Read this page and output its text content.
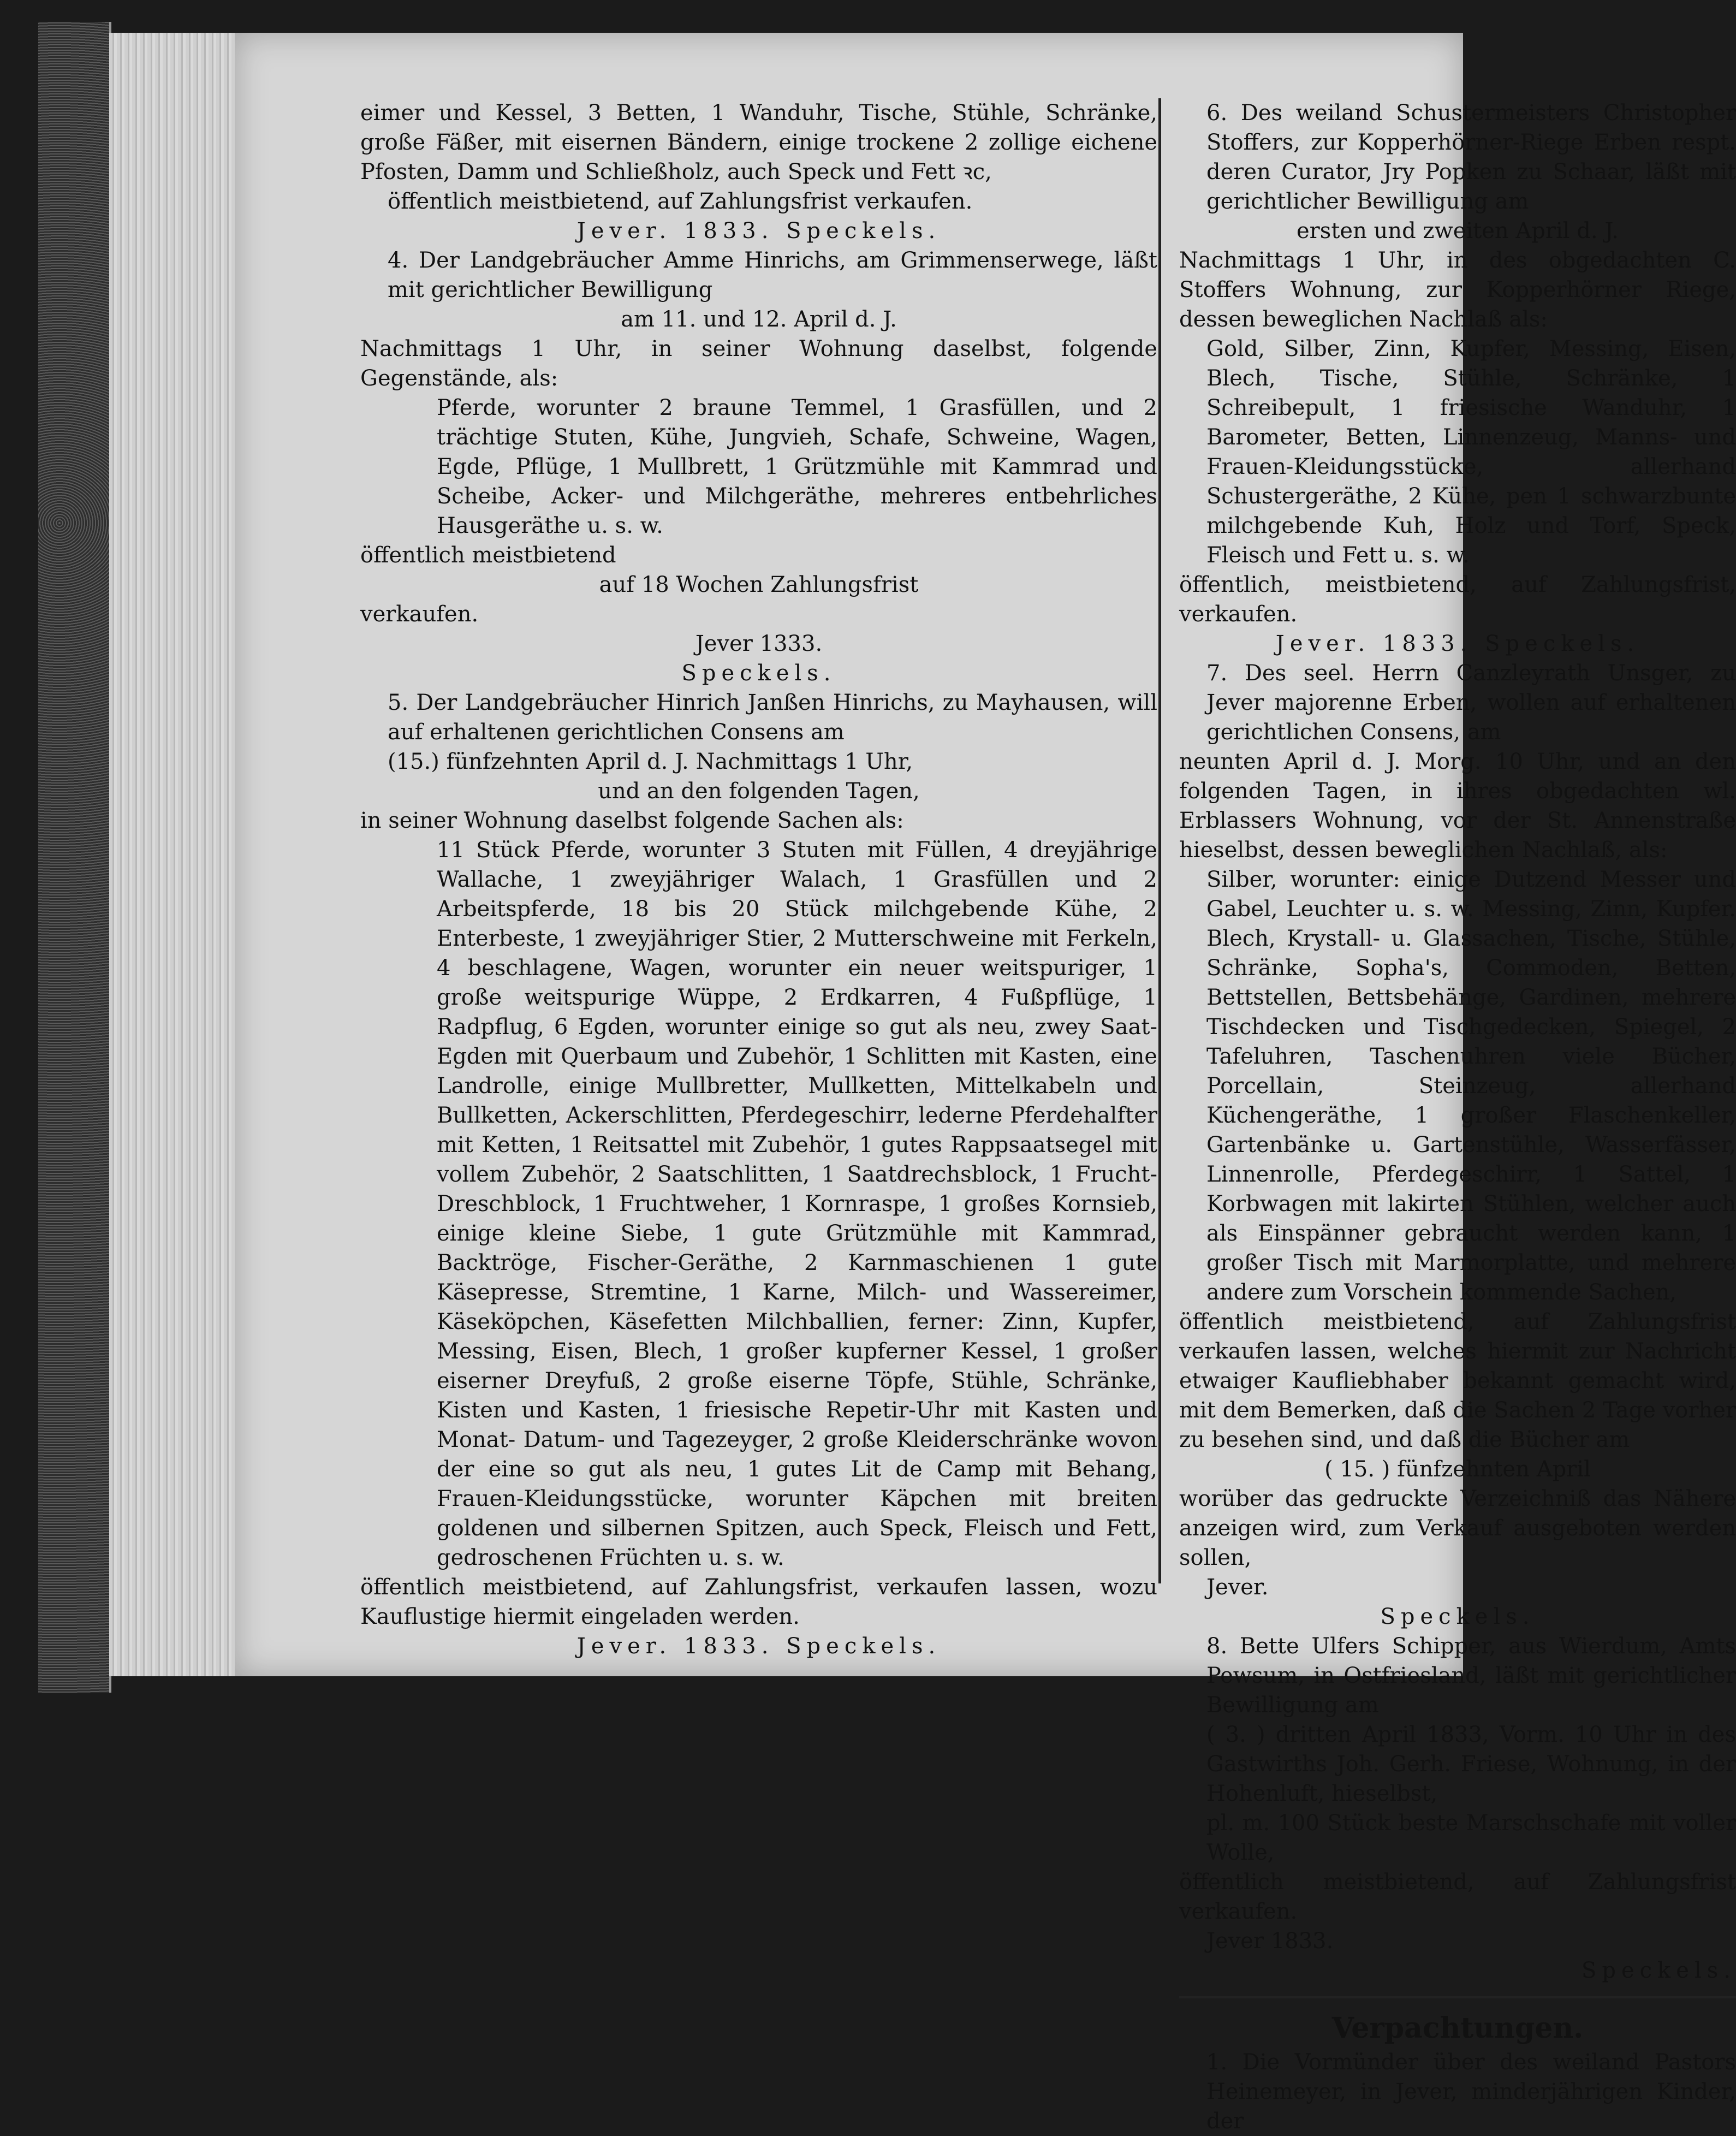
eimer und Kessel, 3 Betten, 1 Wanduhr, Tische, Stühle, Schränke, große Fäßer, mit eisernen Bändern, einige trockene 2 zollige eichene Pfosten, Damm und Schließholz, auch Speck und Fett ꝛc,

öffentlich meistbietend, auf Zahlungsfrist verkaufen.

Jever. 1833. Speckels.

4. Der Landgebräucher Amme Hinrichs, am Grimmenserwege, läßt mit gerichtlicher Bewilligung

am 11. und 12. April d. J.

Nachmittags 1 Uhr, in seiner Wohnung daselbst, folgende Gegenstände, als:

Pferde, worunter 2 braune Temmel, 1 Grasfüllen, und 2 trächtige Stuten, Kühe, Jungvieh, Schafe, Schweine, Wagen, Egde, Pflüge, 1 Mullbrett, 1 Grützmühle mit Kammrad und Scheibe, Acker- und Milchgeräthe, mehreres entbehrliches Hausgeräthe u. s. w.

öffentlich meistbietend

auf 18 Wochen Zahlungsfrist

verkaufen.

Jever 1333.

Speckels.

5. Der Landgebräucher Hinrich Janßen Hinrichs, zu Mayhausen, will auf erhaltenen gerichtlichen Consens am

(15.) fünfzehnten April d. J. Nachmittags 1 Uhr,

und an den folgenden Tagen,

in seiner Wohnung daselbst folgende Sachen als:

11 Stück Pferde, worunter 3 Stuten mit Füllen, 4 dreyjährige Wallache, 1 zweyjähriger Walach, 1 Grasfüllen und 2 Arbeitspferde, 18 bis 20 Stück milchgebende Kühe, 2 Enterbeste, 1 zweyjähriger Stier, 2 Mutterschweine mit Ferkeln, 4 beschlagene, Wagen, worunter ein neuer weitspuriger, 1 große weitspurige Wüppe, 2 Erdkarren, 4 Fußpflüge, 1 Radpflug, 6 Egden, worunter einige so gut als neu, zwey Saat-Egden mit Querbaum und Zubehör, 1 Schlitten mit Kasten, eine Landrolle, einige Mullbretter, Mullketten, Mittelkabeln und Bullketten, Ackerschlitten, Pferdegeschirr, lederne Pferdehalfter mit Ketten, 1 Reitsattel mit Zubehör, 1 gutes Rappsaatsegel mit vollem Zubehör, 2 Saatschlitten, 1 Saatdrechsblock, 1 Frucht-Dreschblock, 1 Fruchtweher, 1 Kornraspe, 1 großes Kornsieb, einige kleine Siebe, 1 gute Grützmühle mit Kammrad, Backtröge, Fischer-Geräthe, 2 Karnmaschienen 1 gute Käsepresse, Stremtine, 1 Karne, Milch- und Wassereimer, Käseköpchen, Käsefetten Milchballien, ferner: Zinn, Kupfer, Messing, Eisen, Blech, 1 großer kupferner Kessel, 1 großer eiserner Dreyfuß, 2 große eiserne Töpfe, Stühle, Schränke, Kisten und Kasten, 1 friesische Repetir-Uhr mit Kasten und Monat- Datum- und Tagezeyger, 2 große Kleiderschränke wovon der eine so gut als neu, 1 gutes Lit de Camp mit Behang, Frauen-Kleidungsstücke, worunter Käpchen mit breiten goldenen und silbernen Spitzen, auch Speck, Fleisch und Fett, gedroschenen Früchten u. s. w.

öffentlich meistbietend, auf Zahlungsfrist, verkaufen lassen, wozu Kauflustige hiermit eingeladen werden.

Jever. 1833. Speckels.

6. Des weiland Schustermeisters Christopher Stoffers, zur Kopperhörner-Riege Erben respt. deren Curator, Jry Popken zu Schaar, läßt mit gerichtlicher Bewilligung am

ersten und zweiten April d. J.

Nachmittags 1 Uhr, in des obgedachten C. Stoffers Wohnung, zur Kopperhörner Riege, dessen beweglichen Nachlaß als:

Gold, Silber, Zinn, Kupfer, Messing, Eisen, Blech, Tische, Stühle, Schränke, 1 Schreibepult, 1 friesische Wanduhr, 1 Barometer, Betten, Linnenzeug, Manns- und Frauen-Kleidungsstücke, allerhand Schustergeräthe, 2 Kühe, pen 1 schwarzbunte milchgebende Kuh, Holz und Torf, Speck, Fleisch und Fett u. s. w.

öffentlich, meistbietend, auf Zahlungsfrist, verkaufen.

Jever. 1833. Speckels.

7. Des seel. Herrn Canzleyrath Unsger, zu Jever majorenne Erben, wollen auf erhaltenen gerichtlichen Consens, am

neunten April d. J. Morg. 10 Uhr, und an den folgenden Tagen, in ihres obgedachten wl. Erblassers Wohnung, vor der St. Annenstraße hieselbst, dessen beweglichen Nachlaß, als:

Silber, worunter: einige Dutzend Messer und Gabel, Leuchter u. s. w. Messing, Zinn, Kupfer. Blech, Krystall- u. Glassachen, Tische, Stühle, Schränke, Sopha's, Commoden, Betten, Bettstellen, Bettsbehänge, Gardinen, mehrere Tischdecken und Tischgedecken, Spiegel, 2 Tafeluhren, Taschenuhren viele Bücher, Porcellain, Steinzeug, allerhand Küchengeräthe, 1 großer Flaschenkeller, Gartenbänke u. Gartenstühle, Wasserfässer, Linnenrolle, Pferdegeschirr, 1 Sattel, 1 Korbwagen mit lakirten Stühlen, welcher auch als Einspänner gebraucht werden kann, 1 großer Tisch mit Marmorplatte, und mehrere andere zum Vorschein kommende Sachen,

öffentlich meistbietend, auf Zahlungsfrist verkaufen lassen, welches hiermit zur Nachricht etwaiger Kaufliebhaber bekannt gemacht wird, mit dem Bemerken, daß die Sachen 2 Tage vorher zu besehen sind, und daß die Bücher am

( 15. ) fünfzehnten April

worüber das gedruckte Verzeichniß das Nähere anzeigen wird, zum Verkauf ausgeboten werden sollen,

Jever.

Speckels.

8. Bette Ulfers Schipper, aus Wierdum, Amts Pewsum, in Ostfriesland, läßt mit gerichtlicher Bewilligung am

( 3. ) dritten April 1833, Vorm. 10 Uhr in des Gastwirths Joh. Gerh. Friese, Wohnung, in der Hohenluft, hieselbst,

pl. m. 100 Stück beste Marschschafe mit voller Wolle,

öffentlich meistbietend, auf Zahlungsfrist verkaufen.

Jever 1833.

Speckels.

Verpachtungen.

1. Die Vormünder über des weiland Pastors Heinemeyer, in Jever, minderjährigen Kinder, der
